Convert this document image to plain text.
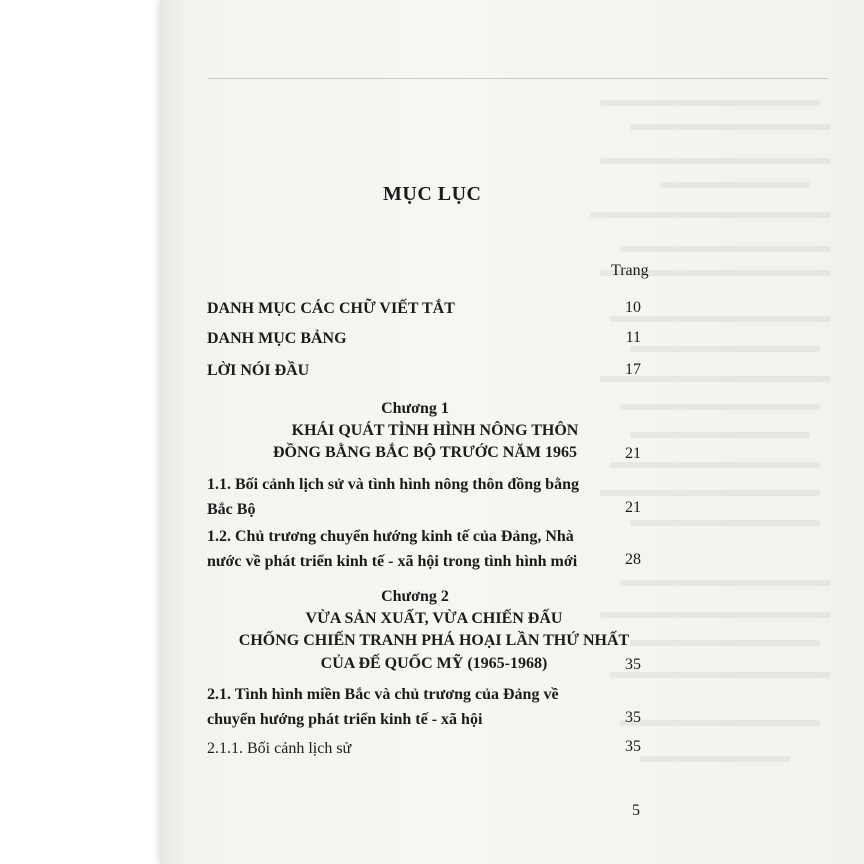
MỤC LỤC
Trang
DANH MỤC CÁC CHỮ VIẾT TẮT	10
DANH MỤC BẢNG	11
LỜI NÓI ĐẦU	17
Chương 1
KHÁI QUÁT TÌNH HÌNH NÔNG THÔN
ĐỒNG BẰNG BẮC BỘ TRƯỚC NĂM 1965	21
1.1. Bối cảnh lịch sử và tình hình nông thôn đồng bằng
Bắc Bộ	21
1.2. Chủ trương chuyển hướng kinh tế của Đảng, Nhà
nước về phát triển kinh tế - xã hội trong tình hình mới	28
Chương 2
VỪA SẢN XUẤT, VỪA CHIẾN ĐẤU
CHỐNG CHIẾN TRANH PHÁ HOẠI LẦN THỨ NHẤT
CỦA ĐẾ QUỐC MỸ (1965-1968)	35
2.1. Tình hình miền Bắc và chủ trương của Đảng về
chuyển hướng phát triển kinh tế - xã hội	35
2.1.1. Bối cảnh lịch sử	35
5
